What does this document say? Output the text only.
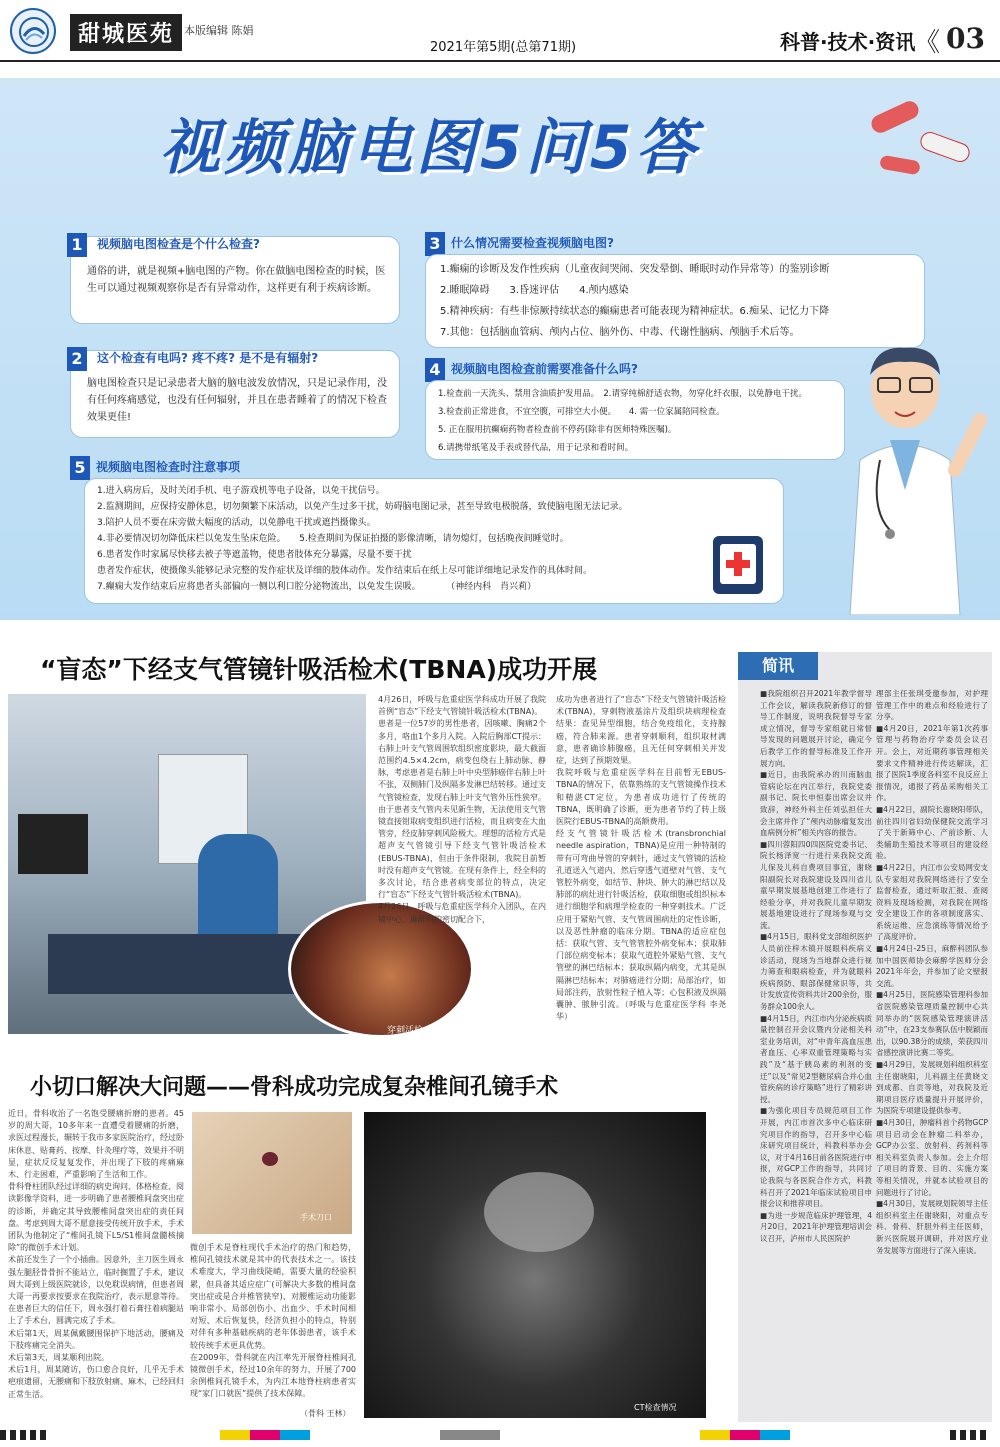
甜城医苑 本版编辑 陈娟
2021年第5期(总第71期)	科普·技术·资讯
《 03
视频脑电图5问5答
1	视频脑电图检查是个什么检查?
通俗的讲，就是视频+脑电图的产物。你在做脑电图检查的时候，医生可以通过视频观察你是否有异常动作，这样更有利于疾病诊断。
2	这个检查有电吗? 疼不疼? 是不是有辐射?
脑电图检查只是记录患者大脑的脑电波发放情况，只是记录作用，没有任何疼痛感觉，也没有任何辐射，并且在患者睡着了的情况下检查效果更佳!
3 什么情况需要检查视频脑电图?
1.癫痫的诊断及发作性疾病（儿童夜间哭闹、突发晕倒、睡眠时动作异常等）的鉴别诊断
2.睡眠障碍　　3.昏迷评估　　4.颅内感染
5.精神疾病：有些非惊厥持续状态的癫痫患者可能表现为精神症状。6.痴呆、记忆力下降
7.其他：包括脑血管病、颅内占位、脑外伤、中毒、代谢性脑病、颅脑手术后等。
4 视频脑电图检查前需要准备什么吗?
1.检查前一天洗头、禁用含油质护发用品。　2.请穿纯棉舒适衣物，勿穿化纤衣服，以免静电干扰。
3.检查前正常进食，不宜空腹，可排空大小便。　　4. 需一位家属陪同检查。
5. 正在服用抗癫痫药物者检查前不停药(除非有医师特殊医嘱)。
6.请携带纸笔及手表或替代品，用于记录和看时间。
5 视频脑电图检查时注意事项
1.进入病房后，及时关闭手机、电子游戏机等电子设备，以免干扰信号。
2.监测期间，应保持安静休息，切勿频繁下床活动，以免产生过多干扰，妨碍脑电图记录，甚至导致电极脱落，致使脑电图无法记录。
3.陪护人员不要在床旁做大幅度的活动，以免静电干扰或遮挡摄像头。
4.非必要情况切勿降低床栏以免发生坠床危险。　　5.检查期间为保证拍摄的影像清晰，请勿熄灯，包括晚夜间睡觉时。
6.患者发作时家属尽快移去被子等遮盖物，使患者肢体充分暴露，尽量不要干扰
患者发作症状，使摄像头能够记录完整的发作症状及详细的肢体动作。发作结束后在纸上尽可能详细地记录发作的具体时间。
7.癫痫大发作结束后应将患者头部偏向一侧以利口腔分泌物流出，以免发生误吸。	（神经内科　肖兴莉）
“盲态”下经支气管镜针吸活检术(TBNA)成功开展
穿刺活检
4月26日，呼吸与危重症医学科成功开展了我院首例“盲态”下经支气管镜针吸活检术(TBNA)。
患者是一位57岁的男性患者，因咳嗽、胸痛2个多月，咯血1个多月入院。入院后胸部CT提示：右肺上叶支气管周围软组织密度影块，最大截面范围约4.5×4.2cm，病变包绕右上肺动脉、静脉，考虑患者是右肺上叶中央型肺癌伴右肺上叶不张，双侧肺门及纵隔多发淋巴结转移。通过支气管镜检查，发现右肺上叶支气管外压性狭窄。
由于患者支气管内未见新生物，无法使用支气管镜直接钳取病变组织进行活检，而且病变在大血管旁，经皮肺穿刺风险极大。理想的活检方式是超声支气管镜引导下经支气管针吸活检术(EBUS-TBNA)，但由于条件限制，我院目前暂时没有超声支气管镜。在现有条件上，经全科的多次讨论，结合患者病变部位的特点，决定行“盲态”下经支气管针吸活检术(TBNA)。
4月26日，呼吸与危重症医学科介入团队，在内镜中心、麻醉科的密切配合下，
成功为患者进行了“盲态”下经支气管镜针吸活检术(TBNA)，穿刺物液基涂片及组织块病理检查结果：查见异型细胞，结合免疫组化，支持腺癌，符合肺来源。患者穿刺顺利，组织取材满意，患者确诊肺腺癌，且无任何穿刺相关并发症，达到了预期效果。
我院呼吸与危重症医学科在目前暂无EBUS-TBNA的情况下，依靠熟练的支气管镜操作技术和精湛CT定位，为患者成功进行了传统的TBNA，既明确了诊断，更为患者节约了转上级医院行EBUS-TBNA的高额费用。
经支气管镜针吸活检术(transbronchial needle aspiration，TBNA)是应用一种特制的带有可弯曲导管的穿刺针，通过支气管镜的活检孔道送入气道内，然后穿透气道壁对气管、支气管腔外病变，如结节、肿块、肿大的淋巴结以及肺部的病灶进行针吸活检，获取细胞或组织标本进行细胞学和病理学检查的一种穿刺技术。广泛应用于紧贴气管、支气管周围病灶的定性诊断，以及恶性肿瘤的临床分期。TBNA的适应症包括：获取气管、支气管管腔外病变标本；获取肺门部位病变标本；获取气道腔外紧贴气管、支气管壁的淋巴结标本；获取纵隔内病变，尤其是纵隔淋巴结标本；对肺癌进行分期；局部治疗，如局部注药，放射性粒子植入等；心包积液及纵隔囊肿、脓肿引流。（呼吸与危重症医学科 李尧华）
小切口解决大问题——骨科成功完成复杂椎间孔镜手术
近日，骨科收治了一名饱受腰痛折磨的患者。45岁的周大哥，10多年来一直遭受着腰痛的折磨，求医过程漫长，辗转于我市多家医院治疗，经过卧床休息、贴膏药、按摩、针灸理疗等，效果并不明显，症状反反复复发作，并出现了下肢的疼痛麻木、行走困难，严重影响了生活和工作。
骨科脊柱团队经过详细的病史询问、体格检查、阅读影像学资料，进一步明确了患者腰椎间盘突出症的诊断，并确定其导致腰椎间盘突出症的责任间盘。考虑到周大哥不愿意接受传统开放手术，手术团队为他制定了“椎间孔镜下L5/S1椎间盘髓核摘除”的微创手术计划。
术前还发生了一个小插曲。因意外，主刀医生周永强左腿胫骨骨折不能站立，临时搁置了手术，建议周大哥到上级医院就诊，以免耽误病情，但患者周大哥一再要求按要求在我院治疗，表示愿意等待。在患者巨大的信任下，周永强打着石膏拄着病腿站上了手术台，圆满完成了手术。
术后第1天，周某佩戴腰围保护下地活动，腰痛及下肢疼痛完全消失。
术后第3天，周某顺利出院。
术后1月，周某随访，伤口愈合良好，几乎无手术疤痕遗留，无腰痛和下肢放射痛、麻木，已经回归正常生活。
手术刀口
微创手术是脊柱现代手术治疗的热门和趋势，椎间孔镜技术就是其中的代表技术之一。该技术难度大，学习曲线陡峭，需要大量的经验积累，但具备其适应症广(可解决大多数的椎间盘突出症或是合并椎管狭窄)、对腰椎运动功能影响非常小、局部创伤小、出血少、手术时间相对短、术后恢复快，经济负担小的特点，特别对伴有多种基础疾病的老年体弱患者，该手术较传统手术更具优势。
在2009年，骨科就在内江率先开展脊柱椎间孔镜微创手术，经过10余年的努力，开展了700余例椎间孔镜手术，为内江本地脊柱病患者实现“家门口就医”提供了技术保障。
（骨科 王林）
CT检查情况
简讯
■我院组织召开2021年教学督导工作会议，解读我院新修订的督导工作制度，说明我院督导专家成立情况，督导专家组就日常督导发现的问题展开讨论，确定今后教学工作的督导标准及工作开展方向。
■近日，由我院承办的川南脑血管病论坛在内江举行，我院党委副书记、院长申恒泰出席会议并致辞，神经外科主任刘弘担任大会主席并作了“颅内动脉瘤复发出血病例分析”相关内容的报告。
■四川蓉阳四0四医院党委书记、院长杨泽宽一行进行来我院交流儿保及儿科自费项目事宜，谢晓阳副院长对我院建设及四川省儿童早期发展基地创建工作进行了经验分享，并对我院儿童早期发展基地建设进行了现场参观与交流。
■4月15日，眼科党支部组织医护人员前往梓木镇开展眼科疾病义诊活动，现场为当地群众进行视力筛查和眼病检查，并为就眼科疾病预防、眼部保健常识等，共计发放宣传资料共计200余份，服务群众100余人。
■4月15日，内江市内分泌疾病质量控制召开会议暨内分泌相关科室业务培训，对“中青年高血压患者血压、心率双重管理策略与实践”及“基于胰岛素的利剂的变迁”以及“常见2型糖尿病合并心血管疾病的诊疗策略”进行了精彩讲授。
■为强化项目专员规范项目工作开展，内江市首次多中心临床研究项目作的指导，召开多中心临床研究项目统计，科教科举办会议，对于4月16日前各医院进行申报，对GCP工作的指导，共同讨论我院与各医院合作方式，科教科召开了2021年临床试验项目申报会议和推荐项目。
■为进一步规范临床护理管理，4月20日，2021年护理管理培训会议召开，泸州市人民医院护
理部主任张琪受邀参加，对护理管理工作中的难点和经验进行了分享。
■4月20日，2021年第1次药事管理与药物治疗学委员会议召开。会上，对近期药事管理相关要求文件精神进行传达解读，汇报了医院1季度各科室不良反应上报情况，通报了药品采购相关工作。
■4月22日，副院长谢晓阳带队，前往四川省妇幼保健院交流学习了关于新筛中心、产前诊断、人类辅助生殖技术等项目的建设经验。
■4月22日，内江市公安局网安支队专家组对我院网络进行了安全监督检查，通过听取汇报、查阅资料及现场检测，对我院在网络安全建设工作的各项制度落实、系统运维、应急演练等情况给予了高度评价。
■4月24日-25日，麻醉科团队参加中国医师协会麻醉学医师分会2021年年会，并参加了论文壁报交流。
■4月25日，医院感染管理科参加省医院感染管理质量控制中心共同举办的“医院感染管理演讲活动”中，在23支参赛队伍中脱颖而出，以90.38分的成绩，荣获四川省感控演讲比赛二等奖。
■4月29日，发展规划科组织科室主任谢晓阳，儿科副主任黄晓文到成都、自贡等地，对我院及近期项目医疗质量提升开展评价，为医院专项建设提供参考。
■4月30日，肿瘤科首个药物GCP项目启动会在肿瘤二科举办，GCP办公室、放射科、药剂科等相关科室负责人参加。会上介绍了项目的背景、目的、实施方案等相关情况，并就本试验项目的问题进行了讨论。
■4月30日，发展规划院领导主任组织科室主任谢晓阳，对重点专科、骨科、肝胆外科主任医师，新兴医院展开调研，并对医疗业务发展等方面进行了深入座谈。
